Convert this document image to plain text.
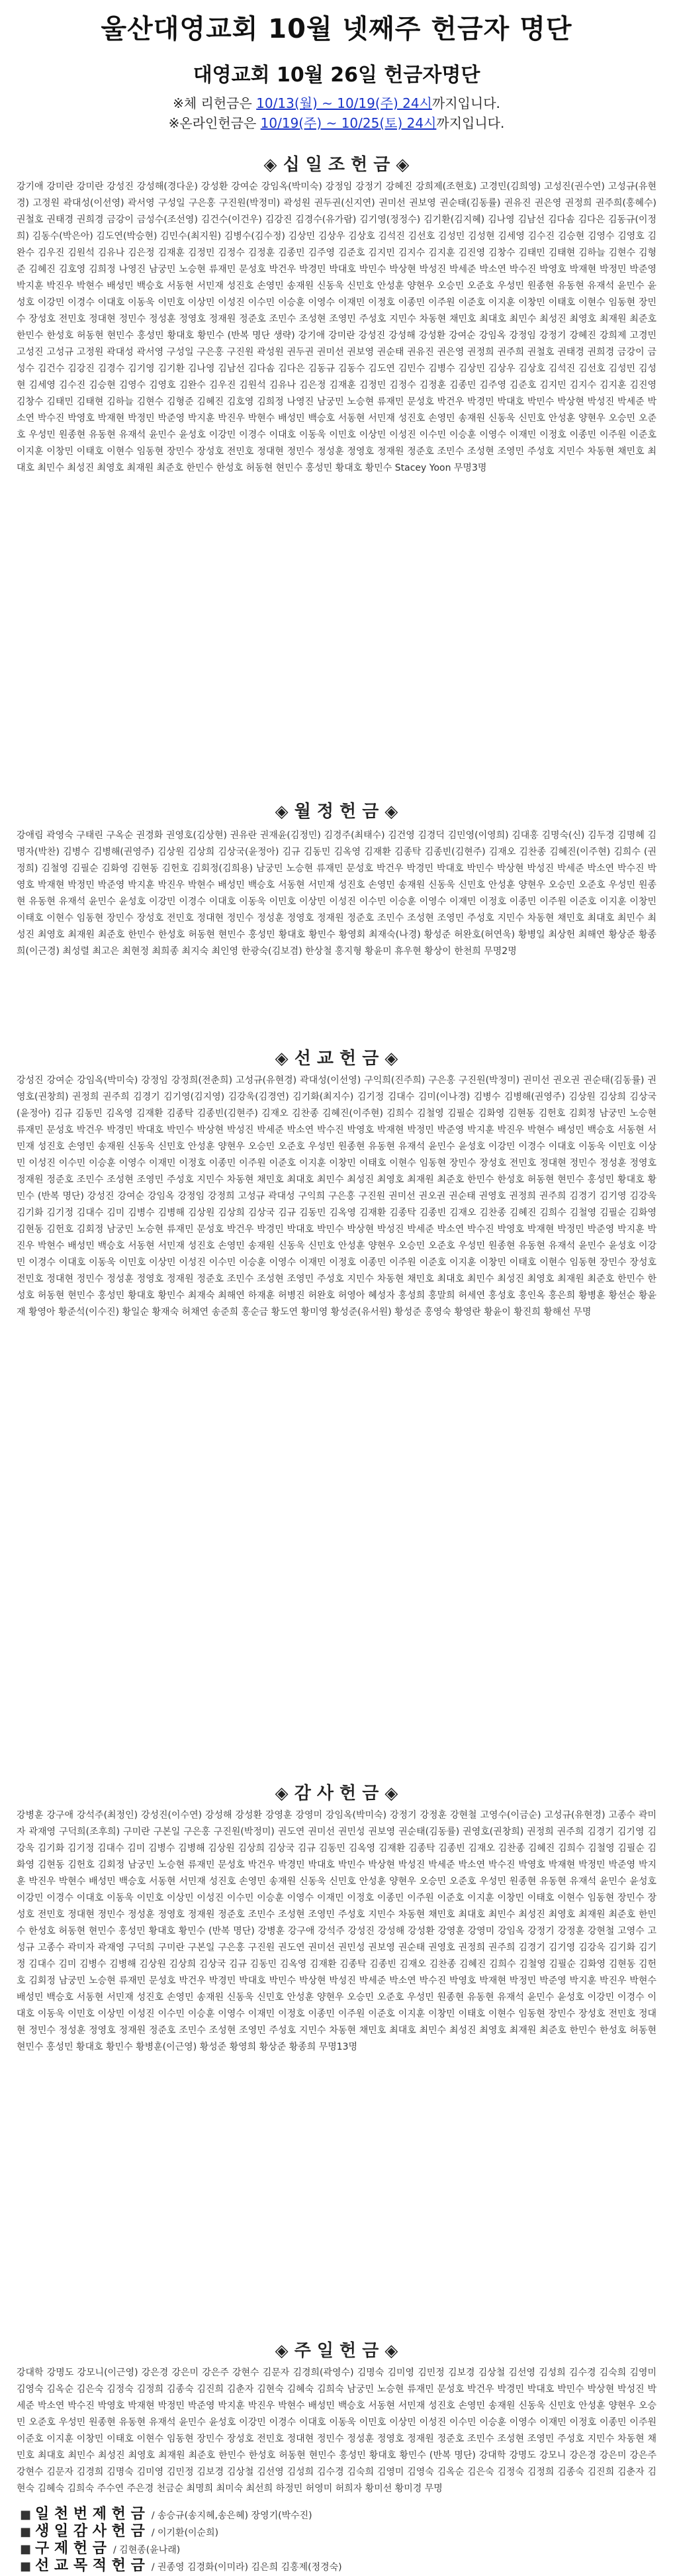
울산대영교회 10월 넷째주 헌금자 명단
대영교회 10월 26일 헌금자명단
※체 리헌금은 10/13(월) ~ 10/19(주) 24시까지입니다.
※온라인헌금은 10/19(주) ~ 10/25(토) 24시까지입니다.
◈ 십 일 조 헌 금 ◈
강기애 강미란 강미란 강성진 강성해(경다운) 강성환 강여순 강임옥(박미숙) 강정임 강정기 강혜진 강희제(조현호) 고경민(김희영) 고성진(권수연) 고성규(유현경) 고정원 곽대성(이선영) 곽서영 구성일 구은홍 구진원(박정미) 곽성원 권두권(신지연) 권미선 권보영 권순태(김동률) 권유진 권은영 권정희 권주희(홍혜수) 권철호 권태경 권희경 금강이 금성수(조선영) 김건수(이건우) 김강진 김경수(유가람) 김기영(정정수) 김기환(김지혜) 김나영 김남선 김다솜 김다은 김동규(이정희) 김동수(박은아) 김도연(박승현) 김민수(최지원) 김병수(김수정) 김상민 김상우 김상호 김석진 김선호 김성민 김성현 김세영 김수진 김승현 김영수 김영호 김완수 김우진 김원석 김유나 김은정 김재훈 김정민 김정수 김정훈 김종민 김주영 김준호 김지민 김지수 김지훈 김진영 김창수 김태민 김태현 김하늘 김현수 김형준 김혜진 김호영 김희정 나영진 남궁민 노승현 류재민 문성호 박건우 박경민 박대호 박민수 박상현 박성진 박세준 박소연 박수진 박영호 박재현 박정민 박준영 박지훈 박진우 박현수 배성민 백승호 서동현 서민재 성진호 손영민 송재원 신동욱 신민호 안성훈 양현우 오승민 오준호 우성민 원종현 유동현 유재석 윤민수 윤성호 이강민 이경수 이대호 이동욱 이민호 이상민 이성진 이수민 이승훈 이영수 이재민 이정호 이종민 이주원 이준호 이지훈 이창민 이태호 이현수 임동현 장민수 장성호 전민호 정대현 정민수 정성훈 정영호 정재원 정준호 조민수 조성현 조영민 주성호 지민수 차동현 채민호 최대호 최민수 최성진 최영호 최재원 최준호 한민수 한성호 허동현 현민수 홍성민 황대호 황민수 (반복 명단 생략) 강기애 강미란 강성진 강성해 강성환 강여순 강임옥 강정임 강정기 강혜진 강희제 고경민 고성진 고성규 고정원 곽대성 곽서영 구성일 구은홍 구진원 곽성원 권두권 권미선 권보영 권순태 권유진 권은영 권정희 권주희 권철호 권태경 권희경 금강이 금성수 김건수 김강진 김경수 김기영 김기환 김나영 김남선 김다솜 김다은 김동규 김동수 김도연 김민수 김병수 김상민 김상우 김상호 김석진 김선호 김성민 김성현 김세영 김수진 김승현 김영수 김영호 김완수 김우진 김원석 김유나 김은정 김재훈 김정민 김정수 김정훈 김종민 김주영 김준호 김지민 김지수 김지훈 김진영 김창수 김태민 김태현 김하늘 김현수 김형준 김혜진 김호영 김희정 나영진 남궁민 노승현 류재민 문성호 박건우 박경민 박대호 박민수 박상현 박성진 박세준 박소연 박수진 박영호 박재현 박정민 박준영 박지훈 박진우 박현수 배성민 백승호 서동현 서민재 성진호 손영민 송재원 신동욱 신민호 안성훈 양현우 오승민 오준호 우성민 원종현 유동현 유재석 윤민수 윤성호 이강민 이경수 이대호 이동욱 이민호 이상민 이성진 이수민 이승훈 이영수 이재민 이정호 이종민 이주원 이준호 이지훈 이창민 이태호 이현수 임동현 장민수 장성호 전민호 정대현 정민수 정성훈 정영호 정재원 정준호 조민수 조성현 조영민 주성호 지민수 차동현 채민호 최대호 최민수 최성진 최영호 최재원 최준호 한민수 한성호 허동현 현민수 홍성민 황대호 황민수 Stacey Yoon 무명3명
◈ 월 정 헌 금 ◈
강애림 곽영숙 구태린 구옥순 권경화 권영호(김상현) 권유란 권재윤(김정민) 김경주(최태수) 김건영 김경덕 김민영(이영희) 김대홍 김명숙(신) 김두경 김명혜 김명자(박찬) 김병수 김병해(권영주) 김상원 김상희 김상국(윤정아) 김규 김동민 김옥영 김재환 김종탁 김종빈(김현주) 김재오 김찬종 김혜진(이주현) 김희수 (권정희) 김철영 김필순 김화영 김현동 김헌호 김회정(김희용) 남궁민 노승현 류재민 문성호 박건우 박경민 박대호 박민수 박상현 박성진 박세준 박소연 박수진 박영호 박재현 박정민 박준영 박지훈 박진우 박현수 배성민 백승호 서동현 서민재 성진호 손영민 송재원 신동욱 신민호 안성훈 양현우 오승민 오준호 우성민 원종현 유동현 유재석 윤민수 윤성호 이강민 이경수 이대호 이동욱 이민호 이상민 이성진 이수민 이승훈 이영수 이재민 이정호 이종민 이주원 이준호 이지훈 이창민 이태호 이현수 임동현 장민수 장성호 전민호 정대현 정민수 정성훈 정영호 정재원 정준호 조민수 조성현 조영민 주성호 지민수 차동현 채민호 최대호 최민수 최성진 최영호 최재원 최준호 한민수 한성호 허동현 현민수 홍성민 황대호 황민수 황영회 최재숙(나경) 황성준 허완호(허연욱) 황병일 최상헌 최해연 황상준 황종희(이근경) 최성렬 최고은 최현정 최희종 최지숙 최인영 한광숙(김보겸) 한상철 홍지형 황윤미 휴우현 황상이 한천희 무명2명
◈ 선 교 헌 금 ◈
강성진 강여순 강임옥(박미숙) 강정임 강정희(전춘희) 고성규(유현경) 곽대성(이선영) 구익희(진주희) 구은홍 구진원(박정미) 권미선 권오권 권순태(김동률) 권영호(권창희) 권정희 권주희 김경기 김기영(김지영) 김강욱(김경연) 김기화(최지수) 김기정 김대수 김미(이나경) 김병수 김병해(권영주) 김상원 김상희 김상국(윤정아) 김규 김동민 김옥영 김재환 김종탁 김종빈(김현주) 김재오 김찬종 김혜진(이주현) 김희수 김철영 김필순 김화영 김현동 김헌호 김회정 남궁민 노승현 류재민 문성호 박건우 박경민 박대호 박민수 박상현 박성진 박세준 박소연 박수진 박영호 박재현 박정민 박준영 박지훈 박진우 박현수 배성민 백승호 서동현 서민재 성진호 손영민 송재원 신동욱 신민호 안성훈 양현우 오승민 오준호 우성민 원종현 유동현 유재석 윤민수 윤성호 이강민 이경수 이대호 이동욱 이민호 이상민 이성진 이수민 이승훈 이영수 이재민 이정호 이종민 이주원 이준호 이지훈 이창민 이태호 이현수 임동현 장민수 장성호 전민호 정대현 정민수 정성훈 정영호 정재원 정준호 조민수 조성현 조영민 주성호 지민수 차동현 채민호 최대호 최민수 최성진 최영호 최재원 최준호 한민수 한성호 허동현 현민수 홍성민 황대호 황민수 (반복 명단) 강성진 강여순 강임옥 강정임 강정희 고성규 곽대성 구익희 구은홍 구진원 권미선 권오권 권순태 권영호 권정희 권주희 김경기 김기영 김강욱 김기화 김기정 김대수 김미 김병수 김병해 김상원 김상희 김상국 김규 김동민 김옥영 김재환 김종탁 김종빈 김재오 김찬종 김혜진 김희수 김철영 김필순 김화영 김현동 김헌호 김회정 남궁민 노승현 류재민 문성호 박건우 박경민 박대호 박민수 박상현 박성진 박세준 박소연 박수진 박영호 박재현 박정민 박준영 박지훈 박진우 박현수 배성민 백승호 서동현 서민재 성진호 손영민 송재원 신동욱 신민호 안성훈 양현우 오승민 오준호 우성민 원종현 유동현 유재석 윤민수 윤성호 이강민 이경수 이대호 이동욱 이민호 이상민 이성진 이수민 이승훈 이영수 이재민 이정호 이종민 이주원 이준호 이지훈 이창민 이태호 이현수 임동현 장민수 장성호 전민호 정대현 정민수 정성훈 정영호 정재원 정준호 조민수 조성현 조영민 주성호 지민수 차동현 채민호 최대호 최민수 최성진 최영호 최재원 최준호 한민수 한성호 허동현 현민수 홍성민 황대호 황민수 최재숙 최해연 하재훈 허병진 허완호 허영아 혜성자 홍성희 홍말희 허세연 홍성호 홍인옥 홍은희 황병훈 황선순 황윤재 황영아 황준석(이수진) 황일순 황재숙 허채연 송준희 홍순금 황도연 황미영 황성준(유서원) 황성준 홍영숙 황영란 황윤이 황진희 황해선 무명
◈ 감 사 헌 금 ◈
강병훈 강구애 강석주(최정인) 강성진(이수연) 강성해 강성환 강영훈 강영미 강임옥(박미숙) 강정기 강정훈 강현철 고영수(이금순) 고성규(유현경) 고종수 곽미자 곽재영 구덕희(조후희) 구미란 구본일 구은홍 구진원(박정미) 권도연 권미선 권민성 권보영 권순태(김동률) 권영호(권창희) 권정희 권주희 김경기 김기영 김강욱 김기화 김기정 김대수 김미 김병수 김병해 김상원 김상희 김상국 김규 김동민 김옥영 김재환 김종탁 김종빈 김재오 김찬종 김혜진 김희수 김철영 김필순 김화영 김현동 김헌호 김회정 남궁민 노승현 류재민 문성호 박건우 박경민 박대호 박민수 박상현 박성진 박세준 박소연 박수진 박영호 박재현 박정민 박준영 박지훈 박진우 박현수 배성민 백승호 서동현 서민재 성진호 손영민 송재원 신동욱 신민호 안성훈 양현우 오승민 오준호 우성민 원종현 유동현 유재석 윤민수 윤성호 이강민 이경수 이대호 이동욱 이민호 이상민 이성진 이수민 이승훈 이영수 이재민 이정호 이종민 이주원 이준호 이지훈 이창민 이태호 이현수 임동현 장민수 장성호 전민호 정대현 정민수 정성훈 정영호 정재원 정준호 조민수 조성현 조영민 주성호 지민수 차동현 채민호 최대호 최민수 최성진 최영호 최재원 최준호 한민수 한성호 허동현 현민수 홍성민 황대호 황민수 (반복 명단) 강병훈 강구애 강석주 강성진 강성해 강성환 강영훈 강영미 강임옥 강정기 강정훈 강현철 고영수 고성규 고종수 곽미자 곽재영 구덕희 구미란 구본일 구은홍 구진원 권도연 권미선 권민성 권보영 권순태 권영호 권정희 권주희 김경기 김기영 김강욱 김기화 김기정 김대수 김미 김병수 김병해 김상원 김상희 김상국 김규 김동민 김옥영 김재환 김종탁 김종빈 김재오 김찬종 김혜진 김희수 김철영 김필순 김화영 김현동 김헌호 김회정 남궁민 노승현 류재민 문성호 박건우 박경민 박대호 박민수 박상현 박성진 박세준 박소연 박수진 박영호 박재현 박정민 박준영 박지훈 박진우 박현수 배성민 백승호 서동현 서민재 성진호 손영민 송재원 신동욱 신민호 안성훈 양현우 오승민 오준호 우성민 원종현 유동현 유재석 윤민수 윤성호 이강민 이경수 이대호 이동욱 이민호 이상민 이성진 이수민 이승훈 이영수 이재민 이정호 이종민 이주원 이준호 이지훈 이창민 이태호 이현수 임동현 장민수 장성호 전민호 정대현 정민수 정성훈 정영호 정재원 정준호 조민수 조성현 조영민 주성호 지민수 차동현 채민호 최대호 최민수 최성진 최영호 최재원 최준호 한민수 한성호 허동현 현민수 홍성민 황대호 황민수 황병훈(이근영) 황성준 황영희 황상준 황종희 무명13명
◈ 주 일 헌 금 ◈
강대학 강명도 강모니(이근영) 강은경 강은미 강은주 강현수 김문자 김경희(곽영수) 김명숙 김미영 김민정 김보경 김상철 김선영 김성희 김수경 김숙희 김영미 김영숙 김옥순 김은숙 김정숙 김정희 김종숙 김진희 김춘자 김현숙 김혜숙 김희숙 남궁민 노승현 류재민 문성호 박건우 박경민 박대호 박민수 박상현 박성진 박세준 박소연 박수진 박영호 박재현 박정민 박준영 박지훈 박진우 박현수 배성민 백승호 서동현 서민재 성진호 손영민 송재원 신동욱 신민호 안성훈 양현우 오승민 오준호 우성민 원종현 유동현 유재석 윤민수 윤성호 이강민 이경수 이대호 이동욱 이민호 이상민 이성진 이수민 이승훈 이영수 이재민 이정호 이종민 이주원 이준호 이지훈 이창민 이태호 이현수 임동현 장민수 장성호 전민호 정대현 정민수 정성훈 정영호 정재원 정준호 조민수 조성현 조영민 주성호 지민수 차동현 채민호 최대호 최민수 최성진 최영호 최재원 최준호 한민수 한성호 허동현 현민수 홍성민 황대호 황민수 (반복 명단) 강대학 강명도 강모니 강은경 강은미 강은주 강현수 김문자 김경희 김명숙 김미영 김민정 김보경 김상철 김선영 김성희 김수경 김숙희 김영미 김영숙 김옥순 김은숙 김정숙 김정희 김종숙 김진희 김춘자 김현숙 김혜숙 김희숙 주수연 주은경 천금순 최명희 최미숙 최선희 하정민 허영미 허희자 황미선 황미경 무명
■ 일 천 번 제 헌 금 / 송승규(송지혜,송은혜) 장영기(박수진)
■ 생 일 감 사 헌 금 / 이기환(이순희)
■ 구 제 헌 금 / 김현종(윤나래)
■ 선 교 목 적 헌 금 / 권종영 김경화(이미라) 김은희 김홍제(정경숙)
